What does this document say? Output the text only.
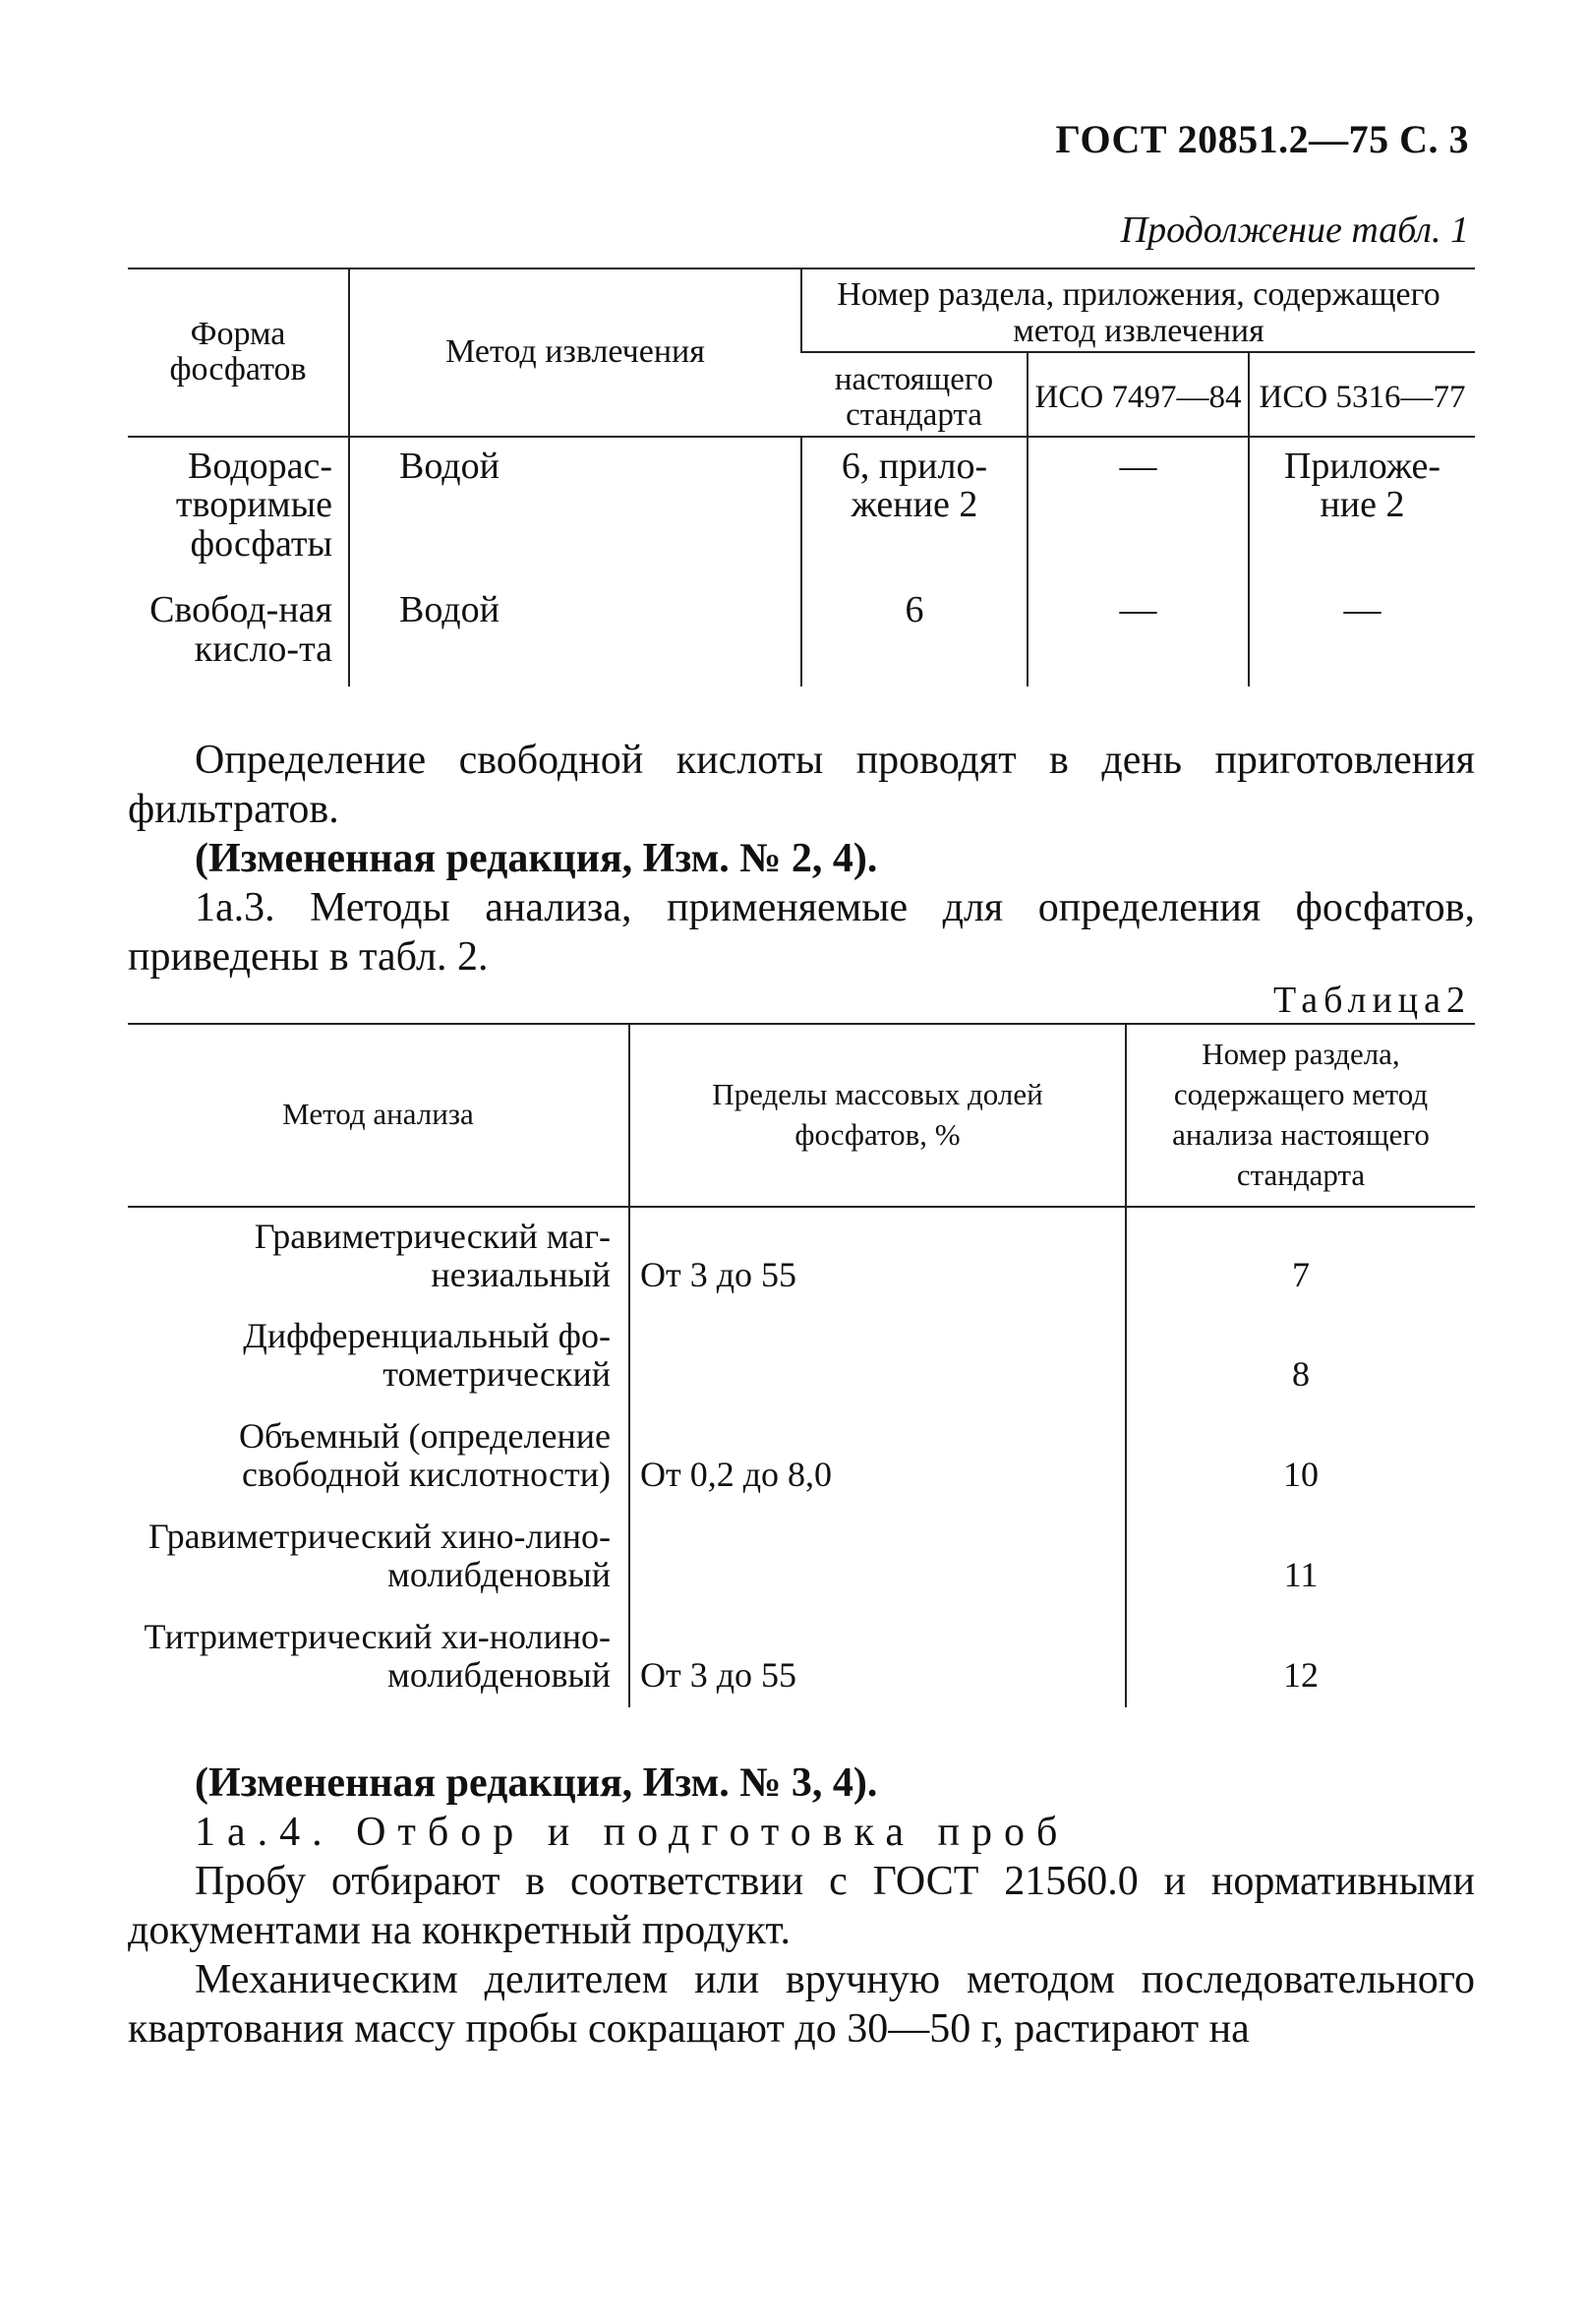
ГОСТ 20851.2—75 С. 3
Продолжение табл. 1
Форма фосфатов	Метод извлечения	Номер раздела, приложения, содержащего метод извлечения		
		настоящего стандарта	ИСО 7497—84	ИСО 5316—77
Водорас-творимые фосфаты	Водой	6, прило-жение 2	—	Приложе-ние 2
Свобод-ная кисло-та	Водой	6	—	—

Определение свободной кислоты проводят в день приготовления фильтратов.

(Измененная редакция, Изм. № 2, 4).

1а.3. Методы анализа, применяемые для определения фосфатов, приведены в табл. 2.

Таблица2
Метод анализа	Пределы массовых долей фосфатов, %	Номер раздела, содержащего метод анализа настоящего стандарта
Гравиметрический маг-незиальный	От 3 до 55	7
Дифференциальный фо-тометрический		8
Объемный (определение свободной кислотности)	От 0,2 до 8,0	10
Гравиметрический хино-лино-молибденовый		11
Титриметрический хи-нолино-молибденовый	От 3 до 55	12

(Измененная редакция, Изм. № 3, 4).

1а.4. Отбор и подготовка проб

Пробу отбирают в соответствии с ГОСТ 21560.0 и нормативными документами на конкретный продукт.

Механическим делителем или вручную методом последовательного квартования массу пробы сокращают до 30—50 г, растирают на
